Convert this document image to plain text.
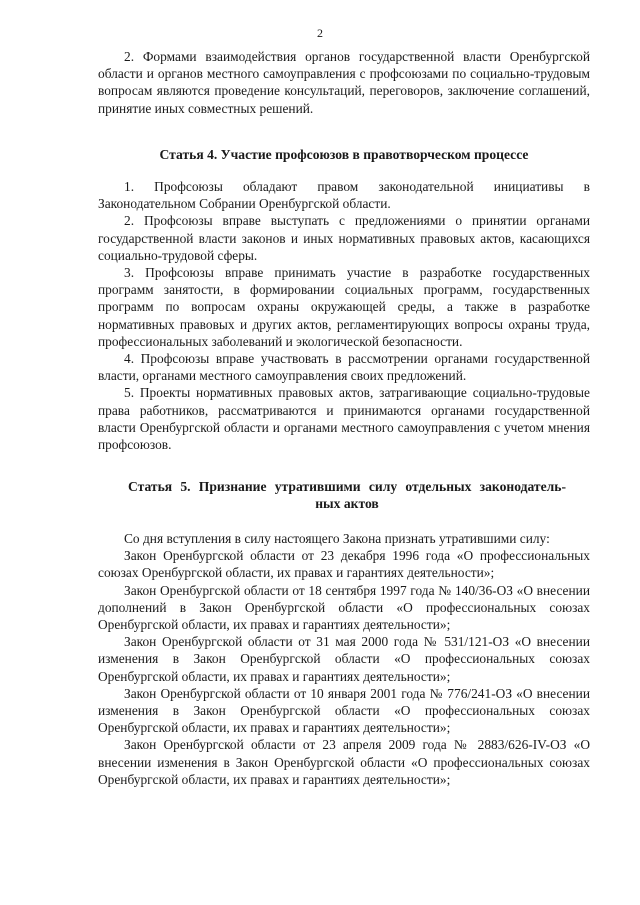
2

2. Формами взаимодействия органов государственной власти Оренбургской области и органов местного самоуправления с профсоюзами по социально-трудовым вопросам являются проведение консультаций, переговоров, заключение соглашений, принятие иных совместных решений.

Статья 4. Участие профсоюзов в правотворческом процессе

1. Профсоюзы обладают правом законодательной инициативы в Законодательном Собрании Оренбургской области.

2. Профсоюзы вправе выступать с предложениями о принятии органами государственной власти законов и иных нормативных правовых актов, касающихся социально-трудовой сферы.

3. Профсоюзы вправе принимать участие в разработке государственных программ занятости, в формировании социальных программ, государственных программ по вопросам охраны окружающей среды, а также в разработке нормативных правовых и других актов, регламентирующих вопросы охраны труда, профессиональных заболеваний и экологической безопасности.

4. Профсоюзы вправе участвовать в рассмотрении органами государственной власти, органами местного самоуправления своих предложений.

5. Проекты нормативных правовых актов, затрагивающие социально-трудовые права работников, рассматриваются и принимаются органами государственной власти Оренбургской области и органами местного самоуправления с учетом мнения профсоюзов.

Статья 5. Признание утратившими силу отдельных законодатель-
ных актов

Со дня вступления в силу настоящего Закона признать утратившими силу:

Закон Оренбургской области от 23 декабря 1996 года «О профессиональных союзах Оренбургской области, их правах и гарантиях деятельности»;

Закон Оренбургской области от 18 сентября 1997 года № 140/36-ОЗ «О внесении дополнений в Закон Оренбургской области «О профессиональных союзах Оренбургской области, их правах и гарантиях деятельности»;

Закон Оренбургской области от 31 мая 2000 года № 531/121-ОЗ «О внесении изменения в Закон Оренбургской области «О профессиональных союзах Оренбургской области, их правах и гарантиях деятельности»;

Закон Оренбургской области от 10 января 2001 года № 776/241-ОЗ «О внесении изменения в Закон Оренбургской области «О профессиональных союзах Оренбургской области, их правах и гарантиях деятельности»;

Закон Оренбургской области от 23 апреля 2009 года № 2883/626-IV-ОЗ «О внесении изменения в Закон Оренбургской области «О профессиональных союзах Оренбургской области, их правах и гарантиях деятельности»;
